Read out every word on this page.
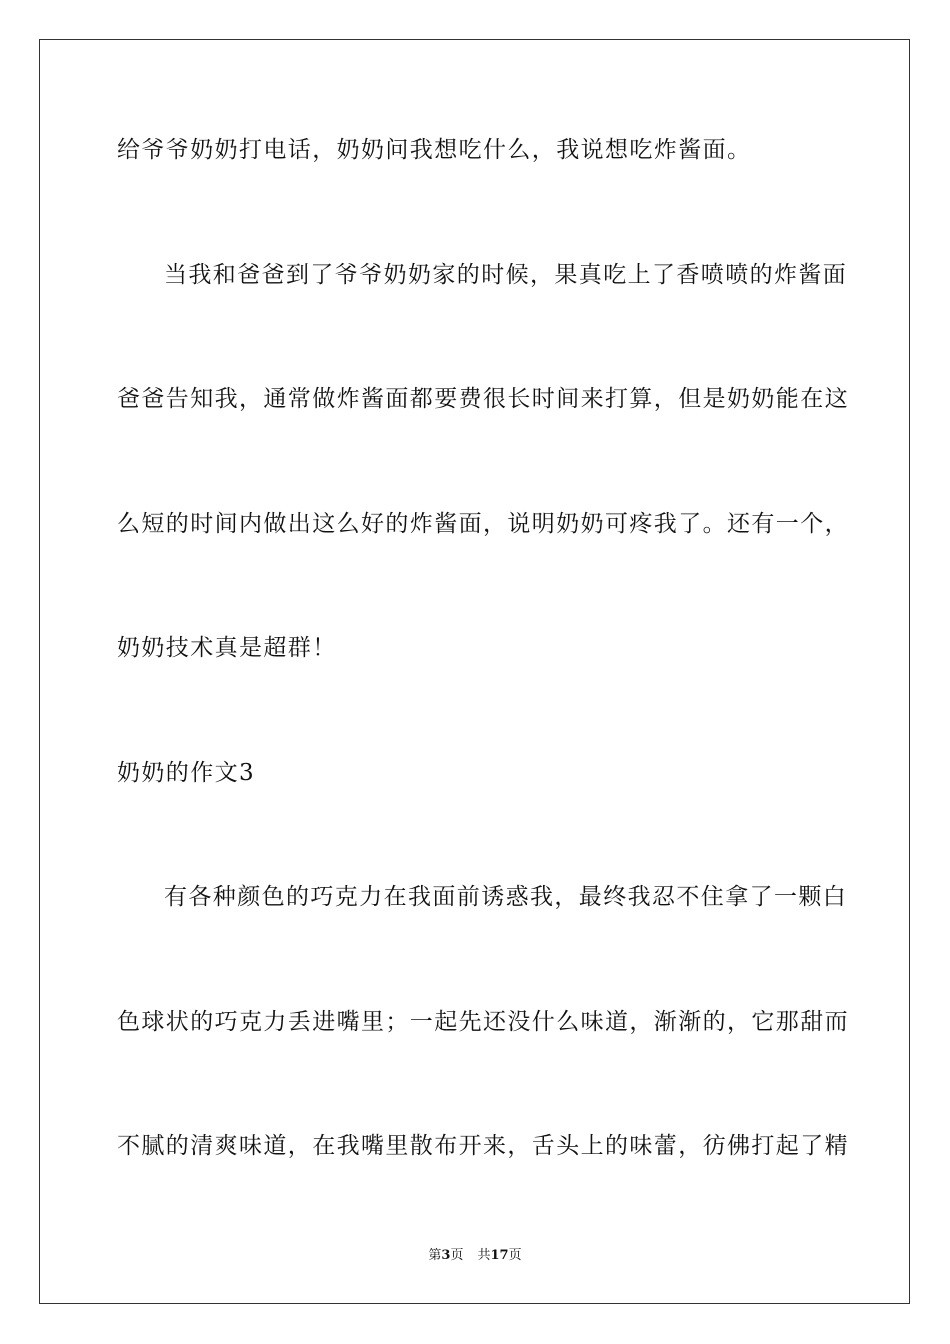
给爷爷奶奶打电话，奶奶问我想吃什么，我说想吃炸酱面。
当我和爸爸到了爷爷奶奶家的时候，果真吃上了香喷喷的炸酱面
爸爸告知我，通常做炸酱面都要费很长时间来打算，但是奶奶能在这
么短的时间内做出这么好的炸酱面，说明奶奶可疼我了。还有一个，
奶奶技术真是超群！
奶奶的作文3
有各种颜色的巧克力在我面前诱惑我，最终我忍不住拿了一颗白
色球状的巧克力丢进嘴里；一起先还没什么味道，渐渐的，它那甜而
不腻的清爽味道，在我嘴里散布开来，舌头上的味蕾，彷佛打起了精
第3页 共17页
